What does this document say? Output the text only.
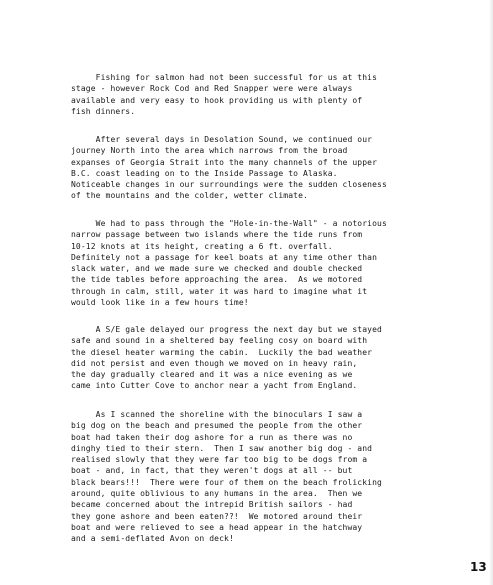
Fishing for salmon had not been successful for us at this
stage - however Rock Cod and Red Snapper were were always
available and very easy to hook providing us with plenty of
fish dinners.
After several days in Desolation Sound, we continued our
journey North into the area which narrows from the broad
expanses of Georgia Strait into the many channels of the upper
B.C. coast leading on to the Inside Passage to Alaska.
Noticeable changes in our surroundings were the sudden closeness
of the mountains and the colder, wetter climate.
We had to pass through the "Hole-in-the-Wall" - a notorious
narrow passage between two islands where the tide runs from
10-12 knots at its height, creating a 6 ft. overfall.
Definitely not a passage for keel boats at any time other than
slack water, and we made sure we checked and double checked
the tide tables before approaching the area.  As we motored
through in calm, still, water it was hard to imagine what it
would look like in a few hours time!
A S/E gale delayed our progress the next day but we stayed
safe and sound in a sheltered bay feeling cosy on board with
the diesel heater warming the cabin.  Luckily the bad weather
did not persist and even though we moved on in heavy rain,
the day gradually cleared and it was a nice evening as we
came into Cutter Cove to anchor near a yacht from England.
As I scanned the shoreline with the binoculars I saw a
big dog on the beach and presumed the people from the other
boat had taken their dog ashore for a run as there was no
dinghy tied to their stern.  Then I saw another big dog - and
realised slowly that they were far too big to be dogs from a
boat - and, in fact, that they weren't dogs at all -- but
black bears!!!  There were four of them on the beach frolicking
around, quite oblivious to any humans in the area.  Then we
became concerned about the intrepid British sailors - had
they gone ashore and been eaten??!  We motored around their
boat and were relieved to see a head appear in the hatchway
and a semi-deflated Avon on deck!
13
